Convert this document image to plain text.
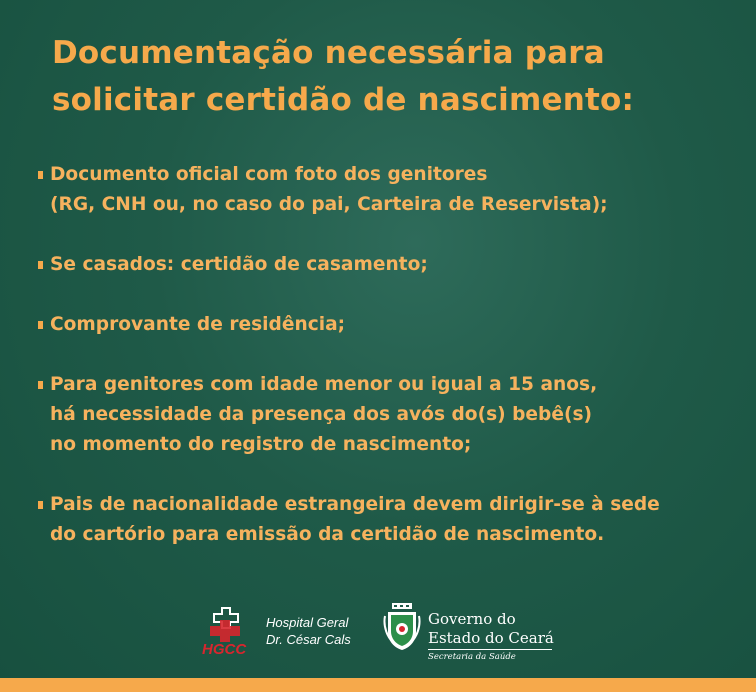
Documentação necessária para
solicitar certidão de nascimento:
Documento oficial com foto dos genitores
(RG, CNH ou, no caso do pai, Carteira de Reservista);
Se casados: certidão de casamento;
Comprovante de residência;
Para genitores com idade menor ou igual a 15 anos,
há necessidade da presença dos avós do(s) bebê(s)
no momento do registro de nascimento;
Pais de nacionalidade estrangeira devem dirigir-se à sede
do cartório para emissão da certidão de nascimento.
HGCC
Hospital Geral
Dr. César Cals
Governo do
Estado do Ceará
Secretaria da Saúde
